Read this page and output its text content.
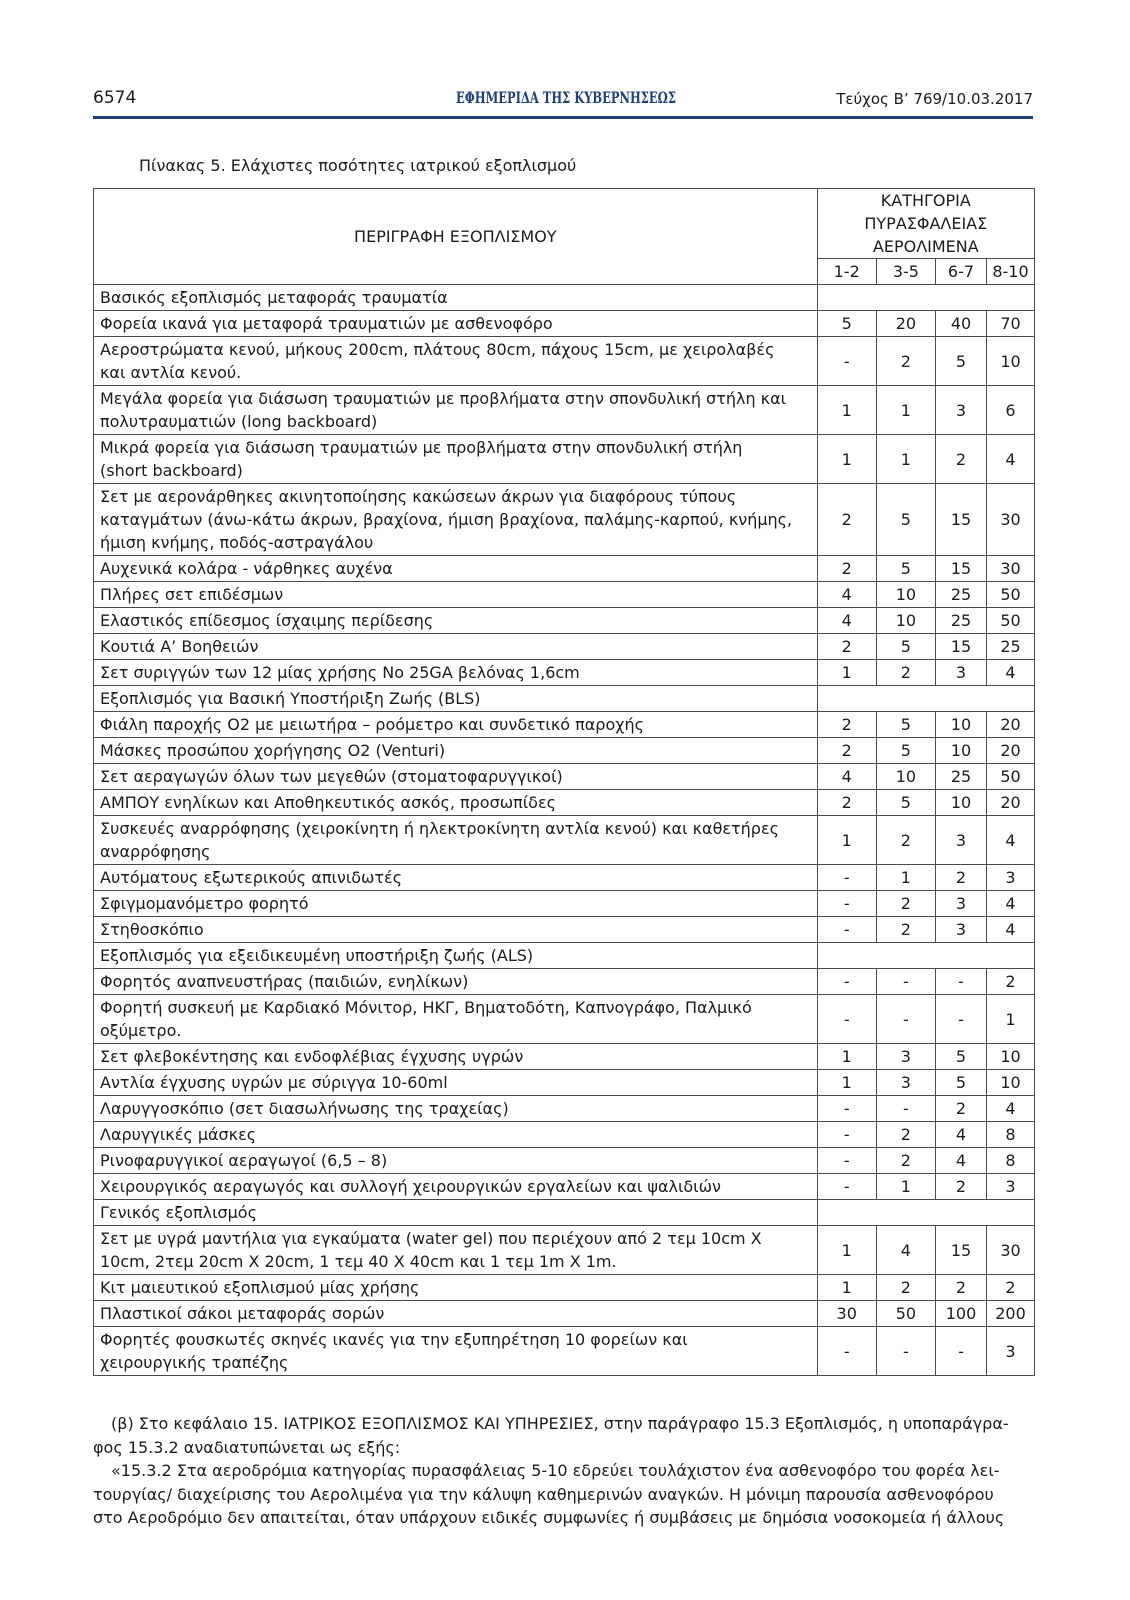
6574	ΕΦΗΜΕΡΙΔΑ ΤΗΣ ΚΥΒΕΡΝΗΣΕΩΣ	Τεύχος Β’ 769/10.03.2017
Πίνακας 5. Ελάχιστες ποσότητες ιατρικού εξοπλισμού
ΠΕΡΙΓΡΑΦΗ ΕΞΟΠΛΙΣΜΟΥ	ΚΑΤΗΓΟΡΙΑ
ΠΥΡΑΣΦΑΛΕΙΑΣ
ΑΕΡΟΛΙΜΕΝΑ			

	1-2	3-5	6-7	8-10
Βασικός εξοπλισμός μεταφοράς τραυματία				
Φορεία ικανά για μεταφορά τραυματιών με ασθενοφόρο	5	20	40	70
Αεροστρώματα κενού, μήκους 200cm, πλάτους 80cm, πάχους 15cm, με χειρολαβές
και αντλία κενού.	-	2	5	10
Μεγάλα φορεία για διάσωση τραυματιών με προβλήματα στην σπονδυλική στήλη και
πολυτραυματιών (long backboard)	1	1	3	6
Μικρά φορεία για διάσωση τραυματιών με προβλήματα στην σπονδυλική στήλη
(short backboard)	1	1	2	4
Σετ με αερονάρθηκες ακινητοποίησης κακώσεων άκρων για διαφόρους τύπους
καταγμάτων (άνω-κάτω άκρων, βραχίονα, ήμιση βραχίονα, παλάμης-καρπού, κνήμης,
ήμιση κνήμης, ποδός-αστραγάλου	2	5	15	30
Αυχενικά κολάρα - νάρθηκες αυχένα	2	5	15	30
Πλήρες σετ επιδέσμων	4	10	25	50
Ελαστικός επίδεσμος ίσχαιμης περίδεσης	4	10	25	50
Κουτιά Α’ Βοηθειών	2	5	15	25
Σετ συριγγών των 12 μίας χρήσης Νο 25GA βελόνας 1,6cm	1	2	3	4
Εξοπλισμός για Βασική Υποστήριξη Ζωής (BLS)				
Φιάλη παροχής Ο2 με μειωτήρα – ροόμετρο και συνδετικό παροχής	2	5	10	20
Μάσκες προσώπου χορήγησης Ο2 (Venturi)	2	5	10	20
Σετ αεραγωγών όλων των μεγεθών (στοματοφαρυγγικοί)	4	10	25	50
ΑΜΠΟΥ ενηλίκων και Αποθηκευτικός ασκός, προσωπίδες	2	5	10	20
Συσκευές αναρρόφησης (χειροκίνητη ή ηλεκτροκίνητη αντλία κενού) και καθετήρες
αναρρόφησης	1	2	3	4
Αυτόματους εξωτερικούς απινιδωτές	-	1	2	3
Σφιγμομανόμετρο φορητό	-	2	3	4
Στηθοσκόπιο	-	2	3	4
Εξοπλισμός για εξειδικευμένη υποστήριξη ζωής (ALS)				
Φορητός αναπνευστήρας (παιδιών, ενηλίκων)	-	-	-	2
Φορητή συσκευή με Καρδιακό Μόνιτορ, ΗΚΓ, Βηματοδότη, Καπνογράφο, Παλμικό
οξύμετρο.	-	-	-	1
Σετ φλεβοκέντησης και ενδοφλέβιας έγχυσης υγρών	1	3	5	10
Αντλία έγχυσης υγρών με σύριγγα 10-60ml	1	3	5	10
Λαρυγγοσκόπιο (σετ διασωλήνωσης της τραχείας)	-	-	2	4
Λαρυγγικές μάσκες	-	2	4	8
Ρινοφαρυγγικοί αεραγωγοί (6,5 – 8)	-	2	4	8
Χειρουργικός αεραγωγός και συλλογή χειρουργικών εργαλείων και ψαλιδιών	-	1	2	3
Γενικός εξοπλισμός				
Σετ με υγρά μαντήλια για εγκαύματα (water gel) που περιέχουν από 2 τεμ 10cm X
10cm, 2τεμ 20cm X 20cm, 1 τεμ 40 X 40cm και 1 τεμ 1m X 1m.	1	4	15	30
Κιτ μαιευτικού εξοπλισμού μίας χρήσης	1	2	2	2
Πλαστικοί σάκοι μεταφοράς σορών	30	50	100	200
Φορητές φουσκωτές σκηνές ικανές για την εξυπηρέτηση 10 φορείων και
χειρουργικής τραπέζης	-	-	-	3

(β) Στο κεφάλαιο 15. ΙΑΤΡΙΚΟΣ ΕΞΟΠΛΙΣΜΟΣ ΚΑΙ ΥΠΗΡΕΣΙΕΣ, στην παράγραφο 15.3 Εξοπλισμός, η υποπαράγρα-
φος 15.3.2 αναδιατυπώνεται ως εξής:

«15.3.2 Στα αεροδρόμια κατηγορίας πυρασφάλειας 5-10 εδρεύει τουλάχιστον ένα ασθενοφόρο του φορέα λει-
τουργίας/ διαχείρισης του Αερολιμένα για την κάλυψη καθημερινών αναγκών. Η μόνιμη παρουσία ασθενοφόρου
στο Αεροδρόμιο δεν απαιτείται, όταν υπάρχουν ειδικές συμφωνίες ή συμβάσεις με δημόσια νοσοκομεία ή άλλους
